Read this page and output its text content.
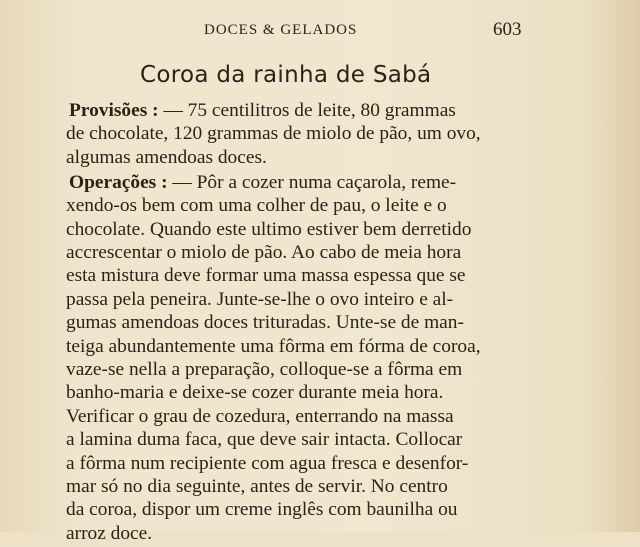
DOCES & GELADOS	603
Coroa da rainha de Sabá
Provisões : — 75 centilitros de leite, 80 grammas
de chocolate, 120 grammas de miolo de pão, um ovo,
algumas amendoas doces.
Operações : — Pôr a cozer numa caçarola, reme-
xendo-os bem com uma colher de pau, o leite e o
chocolate. Quando este ultimo estiver bem derretido
accrescentar o miolo de pão. Ao cabo de meia hora
esta mistura deve formar uma massa espessa que se
passa pela peneira. Junte-se-lhe o ovo inteiro e al-
gumas amendoas doces trituradas. Unte-se de man-
teiga abundantemente uma fôrma em fórma de coroa,
vaze-se nella a preparação, colloque-se a fôrma em
banho-maria e deixe-se cozer durante meia hora.
Verificar o grau de cozedura, enterrando na massa
a lamina duma faca, que deve sair intacta. Collocar
a fôrma num recipiente com agua fresca e desenfor-
mar só no dia seguinte, antes de servir. No centro
da coroa, dispor um creme inglês com baunilha ou
arroz doce.
